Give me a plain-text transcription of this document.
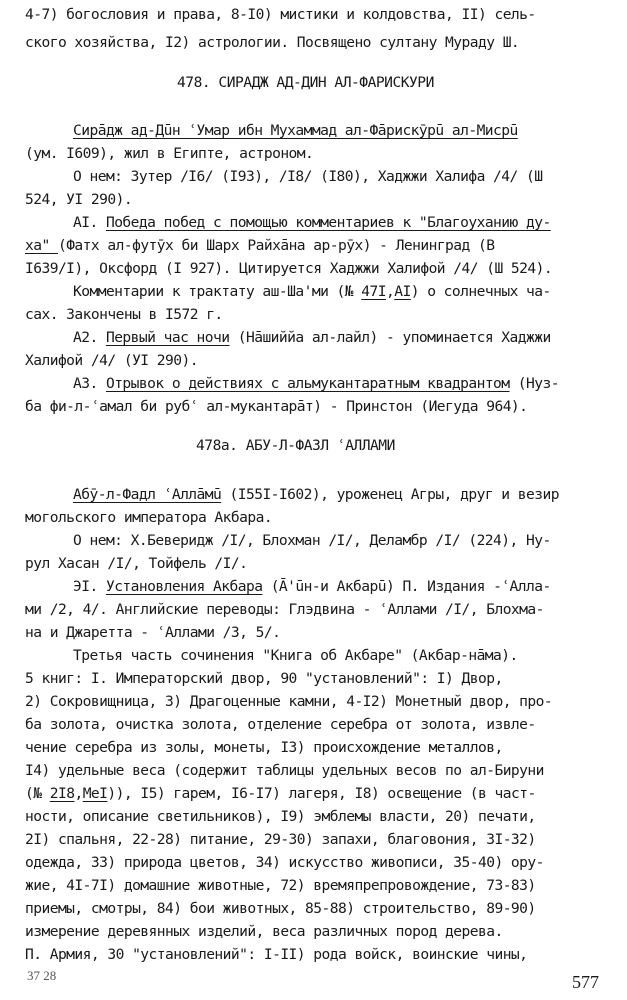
4-7) богословия и права, 8-I0) мистики и колдовства, II) сель-
ского хозяйства, I2) астрологии. Посвящено султану Мураду Ш.
478. СИРАДЖ АД-ДИН АЛ-ФАРИСКУРИ
Сиpāдж ад-Дūн ʿУмар ибн Мухаммад ал-Фāрискӯрū ал-Мисрū
(ум. I609), жил в Египте, астроном.
О нем: Зутер /I6/ (I93), /I8/ (I80), Хаджжи Халифа /4/ (Ш
524, УI 290).
AI. Победа побед с помощью комментариев к "Благоуханию ду-
ха" (Фатх ал-футӯх би Шарх Райхāна ар-рӯх) - Ленинград (В
I639/I), Оксфорд (I 927). Цитируется Хаджжи Халифой /4/ (Ш 524).
Комментарии к трактату аш-Ша'ми (№ 47I,AI) о солнечных ча-
сах. Закончены в I572 г.
A2. Первый час ночи (Нāшиййа ал-лайл) - упоминается Хаджжи
Халифой /4/ (УI 290).
A3. Отрывок о действиях с альмукантаратным квадрантом (Нуз-
ба фи-л-ʿамал би рубʿ ал-мукантарāт) - Принстон (Иегуда 964).
478а. АБУ-Л-ФАЗЛ ʿАЛЛАМИ
Абӯ-л-Фадл ʿАллāмū (I55I-I602), уроженец Агры, друг и везир
могольского императора Акбара.
О нем: Х.Беверидж /I/, Блохман /I/, Деламбр /I/ (224), Ну-
рул Хасан /I/, Тойфель /I/.
ЭI. Установления Акбара (Ā'ūн-и Акбарū) П. Издания -ʿАлла-
ми /2, 4/. Английские переводы: Глэдвина - ʿАллами /I/, Блохма-
на и Джаретта - ʿАллами /3, 5/.
Третья часть сочинения "Книга об Акбаре" (Акбар-нāма).
5 книг: I. Императорский двор, 90 "установлений": I) Двор,
2) Сокровищница, 3) Драгоценные камни, 4-I2) Монетный двор, про-
ба золота, очистка золота, отделение серебра от золота, извле-
чение серебра из золы, монеты, I3) происхождение металлов,
I4) удельные веса (содержит таблицы удельных весов по ал-Бируни
(№ 2I8,MeI)), I5) гарем, I6-I7) лагеря, I8) освещение (в част-
ности, описание светильников), I9) эмблемы власти, 20) печати,
2I) спальня, 22-28) питание, 29-30) запахи, благовония, 3I-32)
одежда, 33) природа цветов, 34) искусство живописи, 35-40) ору-
жие, 4I-7I) домашние животные, 72) времяпрепровождение, 73-83)
приемы, смотры, 84) бои животных, 85-88) строительство, 89-90)
измерение деревянных изделий, веса различных пород дерева.
П. Армия, 30 "установлений": I-II) рода войск, воинские чины,
37 28	577
